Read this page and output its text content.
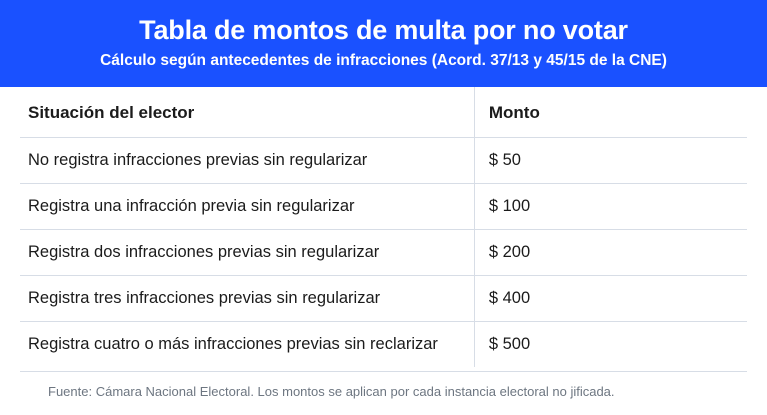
Tabla de montos de multa por no votar
Cálculo según antecedentes de infracciones (Acord. 37/13 y 45/15 de la CNE)
Situación del elector	Monto
No registra infracciones previas sin regularizar	$ 50
Registra una infracción previa sin regularizar	$ 100
Registra dos infracciones previas sin regularizar	$ 200
Registra tres infracciones previas sin regularizar	$ 400
Registra cuatro o más infracciones previas sin reclarizar	$ 500
Fuente: Cámara Nacional Electoral. Los montos se aplican por cada instancia electoral no jificada.
